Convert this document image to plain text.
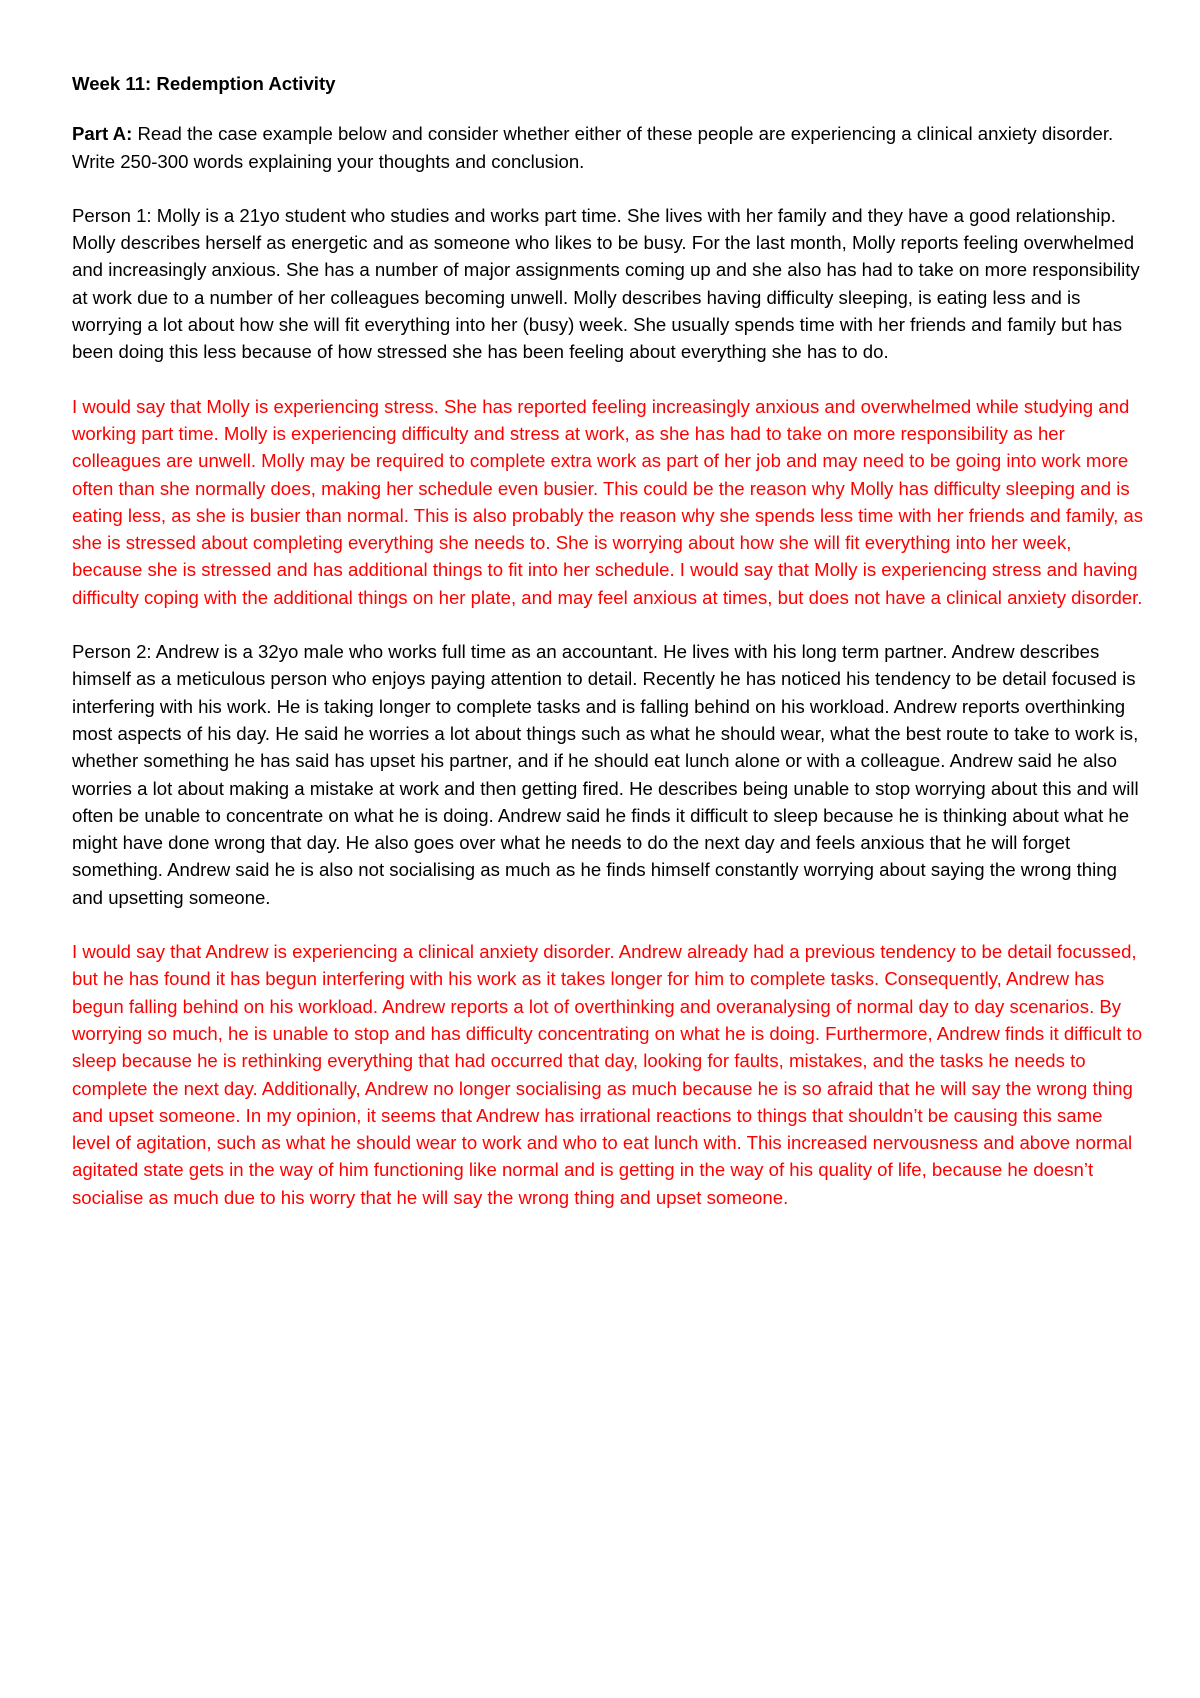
Week 11: Redemption Activity

Part A: Read the case example below and consider whether either of these people are experiencing a clinical anxiety disorder. Write 250-300 words explaining your thoughts and conclusion.

Person 1: Molly is a 21yo student who studies and works part time. She lives with her family and they have a good relationship. Molly describes herself as energetic and as someone who likes to be busy. For the last month, Molly reports feeling overwhelmed and increasingly anxious. She has a number of major assignments coming up and she also has had to take on more responsibility at work due to a number of her colleagues becoming unwell. Molly describes having difficulty sleeping, is eating less and is worrying a lot about how she will fit everything into her (busy) week. She usually spends time with her friends and family but has been doing this less because of how stressed she has been feeling about everything she has to do.

I would say that Molly is experiencing stress. She has reported feeling increasingly anxious and overwhelmed while studying and working part time. Molly is experiencing difficulty and stress at work, as she has had to take on more responsibility as her colleagues are unwell. Molly may be required to complete extra work as part of her job and may need to be going into work more often than she normally does, making her schedule even busier. This could be the reason why Molly has difficulty sleeping and is eating less, as she is busier than normal. This is also probably the reason why she spends less time with her friends and family, as she is stressed about completing everything she needs to. She is worrying about how she will fit everything into her week, because she is stressed and has additional things to fit into her schedule. I would say that Molly is experiencing stress and having difficulty coping with the additional things on her plate, and may feel anxious at times, but does not have a clinical anxiety disorder.

Person 2: Andrew is a 32yo male who works full time as an accountant. He lives with his long term partner. Andrew describes himself as a meticulous person who enjoys paying attention to detail. Recently he has noticed his tendency to be detail focused is interfering with his work. He is taking longer to complete tasks and is falling behind on his workload. Andrew reports overthinking most aspects of his day. He said he worries a lot about things such as what he should wear, what the best route to take to work is, whether something he has said has upset his partner, and if he should eat lunch alone or with a colleague. Andrew said he also worries a lot about making a mistake at work and then getting fired. He describes being unable to stop worrying about this and will often be unable to concentrate on what he is doing. Andrew said he finds it difficult to sleep because he is thinking about what he might have done wrong that day. He also goes over what he needs to do the next day and feels anxious that he will forget something. Andrew said he is also not socialising as much as he finds himself constantly worrying about saying the wrong thing and upsetting someone.

I would say that Andrew is experiencing a clinical anxiety disorder. Andrew already had a previous tendency to be detail focussed, but he has found it has begun interfering with his work as it takes longer for him to complete tasks. Consequently, Andrew has begun falling behind on his workload. Andrew reports a lot of overthinking and overanalysing of normal day to day scenarios. By worrying so much, he is unable to stop and has difficulty concentrating on what he is doing. Furthermore, Andrew finds it difficult to sleep because he is rethinking everything that had occurred that day, looking for faults, mistakes, and the tasks he needs to complete the next day. Additionally, Andrew no longer socialising as much because he is so afraid that he will say the wrong thing and upset someone. In my opinion, it seems that Andrew has irrational reactions to things that shouldn’t be causing this same level of agitation, such as what he should wear to work and who to eat lunch with. This increased nervousness and above normal agitated state gets in the way of him functioning like normal and is getting in the way of his quality of life, because he doesn’t socialise as much due to his worry that he will say the wrong thing and upset someone.
